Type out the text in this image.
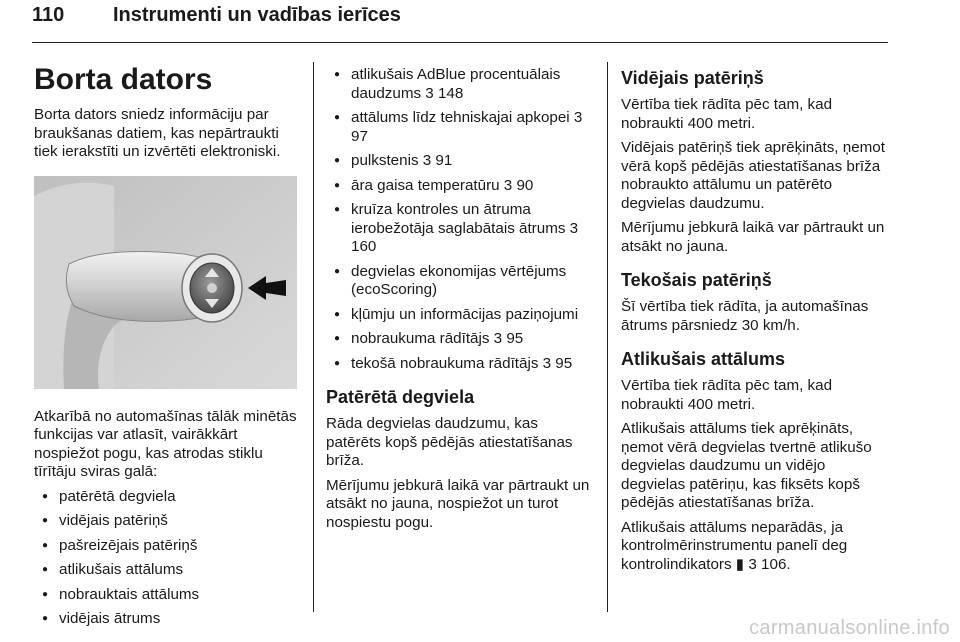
110 Instrumenti un vadības ierīces
Borta dators

Borta dators sniedz informāciju par braukšanas datiem, kas nepārtraukti tiek ierakstīti un izvērtēti elektroniski.

Atkarībā no automašīnas tālāk minētās funkcijas var atlasīt, vairākkārt nospiežot pogu, kas atrodas stiklu tīrītāju sviras galā:

● patērētā degviela
● vidējais patēriņš
● pašreizējais patēriņš
● atlikušais attālums
● nobrauktais attālums
● vidējais ātrums
● atlikušais AdBlue procentuālais daudzums 3 148
● attālums līdz tehniskajai apkopei 3 97
● pulkstenis 3 91
● āra gaisa temperatūru 3 90
● kruīza kontroles un ātruma ierobežotāja saglabātais ātrums 3 160
● degvielas ekonomijas vērtējums (ecoScoring)
● kļūmju un informācijas paziņojumi
● nobraukuma rādītājs 3 95
● tekošā nobraukuma rādītājs 3 95
Patērētā degviela

Rāda degvielas daudzumu, kas patērēts kopš pēdējās atiestatīšanas brīža.

Mērījumu jebkurā laikā var pārtraukt un atsākt no jauna, nospiežot un turot nospiestu pogu.

Vidējais patēriņš

Vērtība tiek rādīta pēc tam, kad nobraukti 400 metri.

Vidējais patēriņš tiek aprēķināts, ņemot vērā kopš pēdējās atiestatīšanas brīža nobraukto attālumu un patērēto degvielas daudzumu.

Mērījumu jebkurā laikā var pārtraukt un atsākt no jauna.

Tekošais patēriņš

Šī vērtība tiek rādīta, ja automašīnas ātrums pārsniedz 30 km/h.

Atlikušais attālums

Vērtība tiek rādīta pēc tam, kad nobraukti 400 metri.

Atlikušais attālums tiek aprēķināts, ņemot vērā degvielas tvertnē atlikušo degvielas daudzumu un vidējo degvielas patēriņu, kas fiksēts kopš pēdējās atiestatīšanas brīža.

Atlikušais attālums neparādās, ja kontrolmērinstrumentu panelī deg kontrolindikators ▮ 3 106.

carmanualsonline.info
